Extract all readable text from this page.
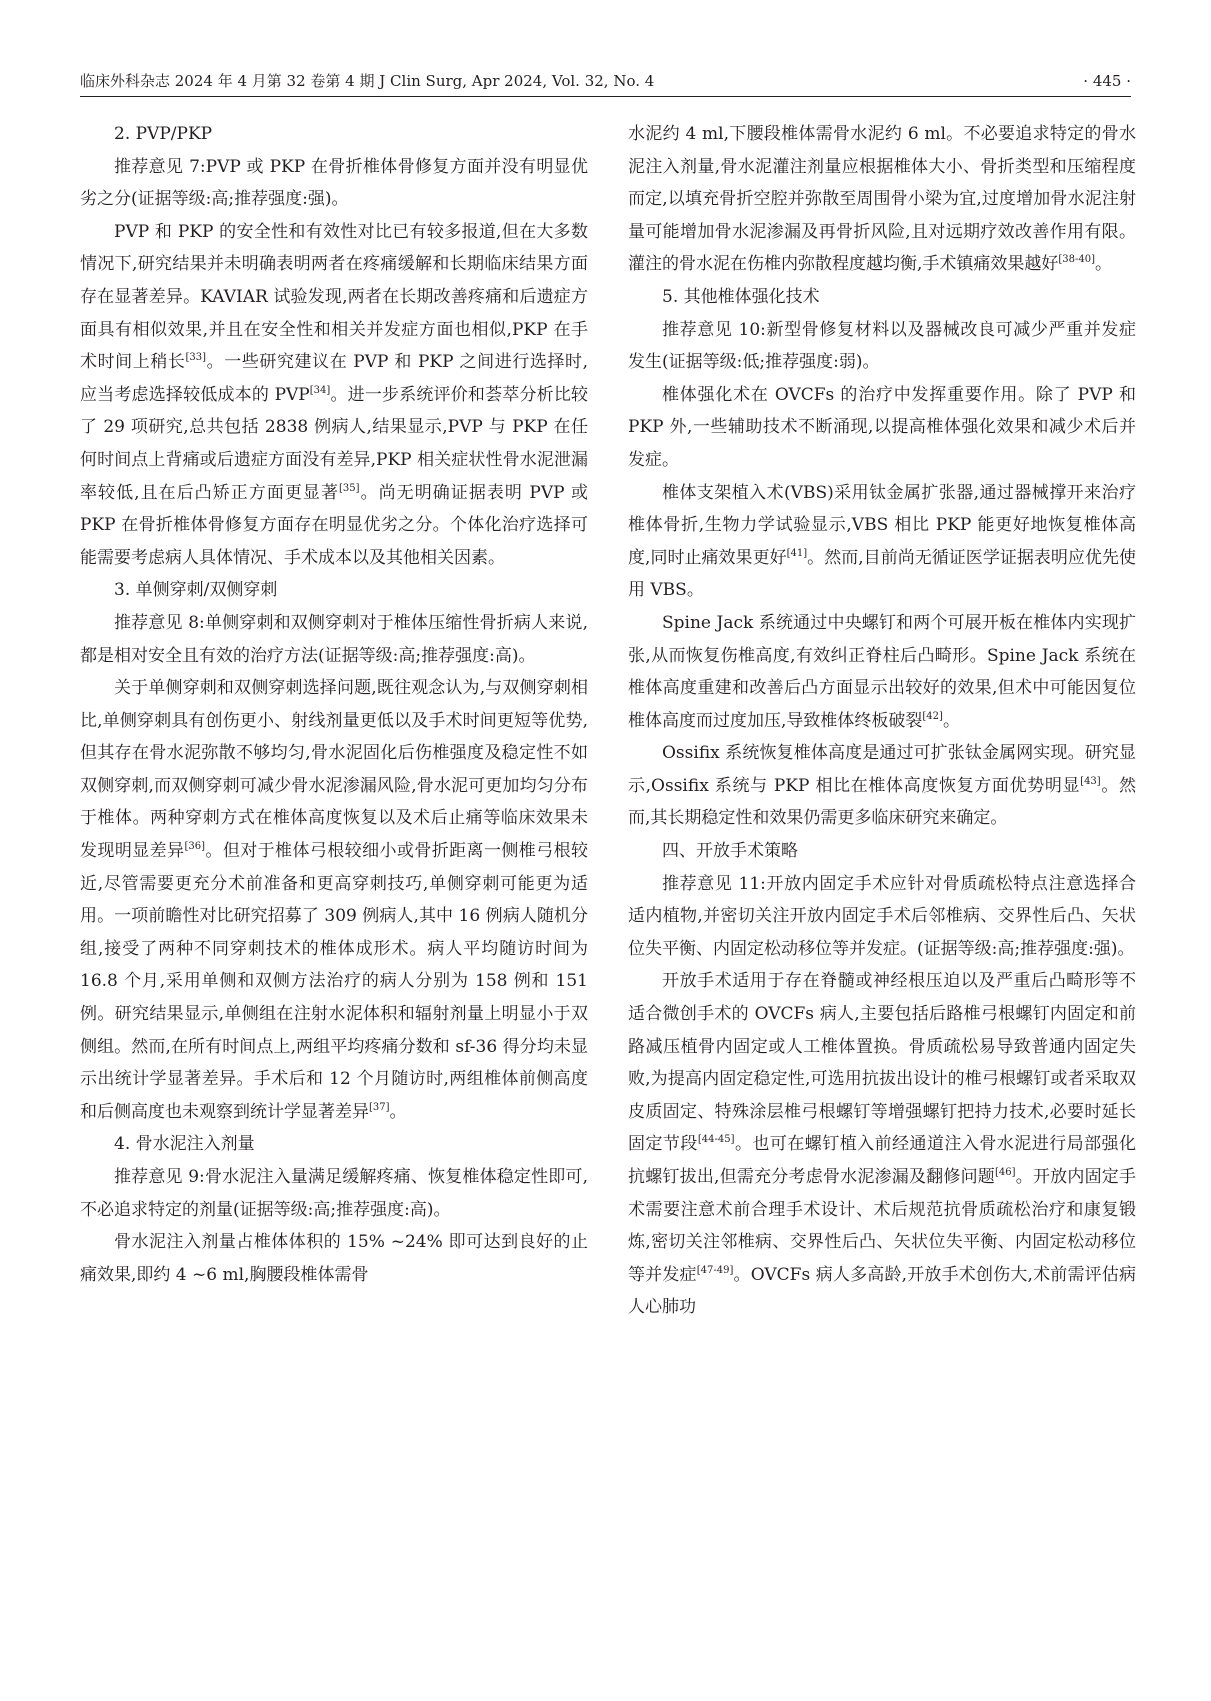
临床外科杂志 2024 年 4 月第 32 卷第 4 期 J Clin Surg, Apr 2024, Vol. 32, No. 4	· 445 ·

2. PVP/PKP

推荐意见 7:PVP 或 PKP 在骨折椎体骨修复方面并没有明显优劣之分(证据等级:高;推荐强度:强)。

PVP 和 PKP 的安全性和有效性对比已有较多报道,但在大多数情况下,研究结果并未明确表明两者在疼痛缓解和长期临床结果方面存在显著差异。KAVIAR 试验发现,两者在长期改善疼痛和后遗症方面具有相似效果,并且在安全性和相关并发症方面也相似,PKP 在手术时间上稍长[33]。一些研究建议在 PVP 和 PKP 之间进行选择时,应当考虑选择较低成本的 PVP[34]。进一步系统评价和荟萃分析比较了 29 项研究,总共包括 2838 例病人,结果显示,PVP 与 PKP 在任何时间点上背痛或后遗症方面没有差异,PKP 相关症状性骨水泥泄漏率较低,且在后凸矫正方面更显著[35]。尚无明确证据表明 PVP 或 PKP 在骨折椎体骨修复方面存在明显优劣之分。个体化治疗选择可能需要考虑病人具体情况、手术成本以及其他相关因素。

3. 单侧穿刺/双侧穿刺

推荐意见 8:单侧穿刺和双侧穿刺对于椎体压缩性骨折病人来说,都是相对安全且有效的治疗方法(证据等级:高;推荐强度:高)。

关于单侧穿刺和双侧穿刺选择问题,既往观念认为,与双侧穿刺相比,单侧穿刺具有创伤更小、射线剂量更低以及手术时间更短等优势,但其存在骨水泥弥散不够均匀,骨水泥固化后伤椎强度及稳定性不如双侧穿刺,而双侧穿刺可减少骨水泥渗漏风险,骨水泥可更加均匀分布于椎体。两种穿刺方式在椎体高度恢复以及术后止痛等临床效果未发现明显差异[36]。但对于椎体弓根较细小或骨折距离一侧椎弓根较近,尽管需要更充分术前准备和更高穿刺技巧,单侧穿刺可能更为适用。一项前瞻性对比研究招募了 309 例病人,其中 16 例病人随机分组,接受了两种不同穿刺技术的椎体成形术。病人平均随访时间为 16.8 个月,采用单侧和双侧方法治疗的病人分别为 158 例和 151 例。研究结果显示,单侧组在注射水泥体积和辐射剂量上明显小于双侧组。然而,在所有时间点上,两组平均疼痛分数和 sf-36 得分均未显示出统计学显著差异。手术后和 12 个月随访时,两组椎体前侧高度和后侧高度也未观察到统计学显著差异[37]。

4. 骨水泥注入剂量

推荐意见 9:骨水泥注入量满足缓解疼痛、恢复椎体稳定性即可,不必追求特定的剂量(证据等级:高;推荐强度:高)。

骨水泥注入剂量占椎体体积的 15% ~24% 即可达到良好的止痛效果,即约 4 ~6 ml,胸腰段椎体需骨

水泥约 4 ml,下腰段椎体需骨水泥约 6 ml。不必要追求特定的骨水泥注入剂量,骨水泥灌注剂量应根据椎体大小、骨折类型和压缩程度而定,以填充骨折空腔并弥散至周围骨小梁为宜,过度增加骨水泥注射量可能增加骨水泥渗漏及再骨折风险,且对远期疗效改善作用有限。灌注的骨水泥在伤椎内弥散程度越均衡,手术镇痛效果越好[38-40]。

5. 其他椎体强化技术

推荐意见 10:新型骨修复材料以及器械改良可减少严重并发症发生(证据等级:低;推荐强度:弱)。

椎体强化术在 OVCFs 的治疗中发挥重要作用。除了 PVP 和 PKP 外,一些辅助技术不断涌现,以提高椎体强化效果和减少术后并发症。

椎体支架植入术(VBS)采用钛金属扩张器,通过器械撑开来治疗椎体骨折,生物力学试验显示,VBS 相比 PKP 能更好地恢复椎体高度,同时止痛效果更好[41]。然而,目前尚无循证医学证据表明应优先使用 VBS。

Spine Jack 系统通过中央螺钉和两个可展开板在椎体内实现扩张,从而恢复伤椎高度,有效纠正脊柱后凸畸形。Spine Jack 系统在椎体高度重建和改善后凸方面显示出较好的效果,但术中可能因复位椎体高度而过度加压,导致椎体终板破裂[42]。

Ossifix 系统恢复椎体高度是通过可扩张钛金属网实现。研究显示,Ossifix 系统与 PKP 相比在椎体高度恢复方面优势明显[43]。然而,其长期稳定性和效果仍需更多临床研究来确定。

四、开放手术策略

推荐意见 11:开放内固定手术应针对骨质疏松特点注意选择合适内植物,并密切关注开放内固定手术后邻椎病、交界性后凸、矢状位失平衡、内固定松动移位等并发症。(证据等级:高;推荐强度:强)。

开放手术适用于存在脊髓或神经根压迫以及严重后凸畸形等不适合微创手术的 OVCFs 病人,主要包括后路椎弓根螺钉内固定和前路减压植骨内固定或人工椎体置换。骨质疏松易导致普通内固定失败,为提高内固定稳定性,可选用抗拔出设计的椎弓根螺钉或者采取双皮质固定、特殊涂层椎弓根螺钉等增强螺钉把持力技术,必要时延长固定节段[44-45]。也可在螺钉植入前经通道注入骨水泥进行局部强化抗螺钉拔出,但需充分考虑骨水泥渗漏及翻修问题[46]。开放内固定手术需要注意术前合理手术设计、术后规范抗骨质疏松治疗和康复锻炼,密切关注邻椎病、交界性后凸、矢状位失平衡、内固定松动移位等并发症[47-49]。OVCFs 病人多高龄,开放手术创伤大,术前需评估病人心肺功
